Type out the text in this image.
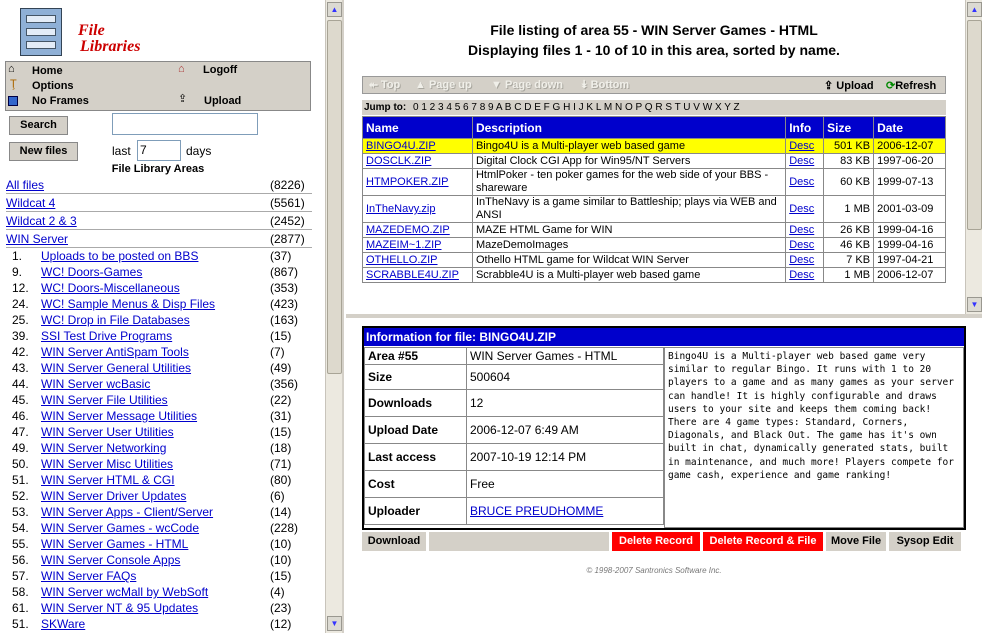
File
Libraries
⌂ Home	⌂ Logoff
Ţ Options
No Frames	⇪ Upload
Search
New files	last 7	days
File Library Areas
All files	(8226)
Wildcat 4	(5561)
Wildcat 2 & 3	(2452)
WIN Server	(2877)
1. Uploads to be posted on BBS	(37)
9. WC! Doors-Games	(867)
12. WC! Doors-Miscellaneous	(353)
24. WC! Sample Menus & Disp Files	(423)
25. WC! Drop in File Databases	(163)
39. SSI Test Drive Programs	(15)
42. WIN Server AntiSpam Tools	(7)
43. WIN Server General Utilities	(49)
44. WIN Server wcBasic	(356)
45. WIN Server File Utilities	(22)
46. WIN Server Message Utilities	(31)
47. WIN Server User Utilities	(15)
49. WIN Server Networking	(18)
50. WIN Server Misc Utilities	(71)
51. WIN Server HTML & CGI	(80)
52. WIN Server Driver Updates	(6)
53. WIN Server Apps - Client/Server	(14)
54. WIN Server Games - wcCode	(228)
55. WIN Server Games - HTML	(10)
56. WIN Server Console Apps	(10)
57. WIN Server FAQs	(15)
58. WIN Server wcMall by WebSoft	(4)
61. WIN Server NT & 95 Updates	(23)
51. SKWare	(12)
▲
▼
File listing of area 55 - WIN Server Games - HTML
Displaying files 1 - 10 of 10 in this area, sorted by name.
⯬ Top ▲ Page up ▼ Page down ⯯ Bottom	⇪ Upload ⟳Refresh
Jump to: 0 1 2 3 4 5 6 7 8 9 A B C D E F G H I J K L M N O P Q R S T U V W X Y Z
Name	Description	Info	Size	Date
BINGO4U.ZIP	Bingo4U is a Multi-player web based game	Desc	501 KB	2006-12-07
DOSCLK.ZIP	Digital Clock CGI App for Win95/NT Servers	Desc	83 KB	1997-06-20
HTMPOKER.ZIP	HtmlPoker - ten poker games for the web side of your BBS - shareware	Desc	60 KB	1999-07-13
InTheNavy.zip	InTheNavy is a game similar to Battleship; plays via WEB and ANSI	Desc	1 MB	2001-03-09
MAZEDEMO.ZIP	MAZE HTML Game for WIN	Desc	26 KB	1999-04-16
MAZEIM~1.ZIP	MazeDemoImages	Desc	46 KB	1999-04-16
OTHELLO.ZIP	Othello HTML game for Wildcat WIN Server	Desc	7 KB	1997-04-21
SCRABBLE4U.ZIP	Scrabble4U is a Multi-player web based game	Desc	1 MB	2006-12-07
▲
▼
Information for file: BINGO4U.ZIP
Area #55	WIN Server Games - HTML
Size	500604
Downloads	12
Upload Date	2006-12-07 6:49 AM
Last access	2007-10-19 12:14 PM
Cost	Free
Uploader	BRUCE PREUDHOMME
Bingo4U is a Multi-player web based game very similar to regular Bingo. It runs with 1 to 20 players to a game and as many games as your server can handle! It is highly configurable and draws users to your site and keeps them coming back! There are 4 game types: Standard, Corners, Diagonals, and Black Out. The game has it's own built in chat, dynamically generated stats, built in maintenance, and much more! Players compete for game cash, experience and game ranking!
Download	Delete Record	Delete Record & File	Move File	Sysop Edit
© 1998-2007 Santronics Software Inc.
